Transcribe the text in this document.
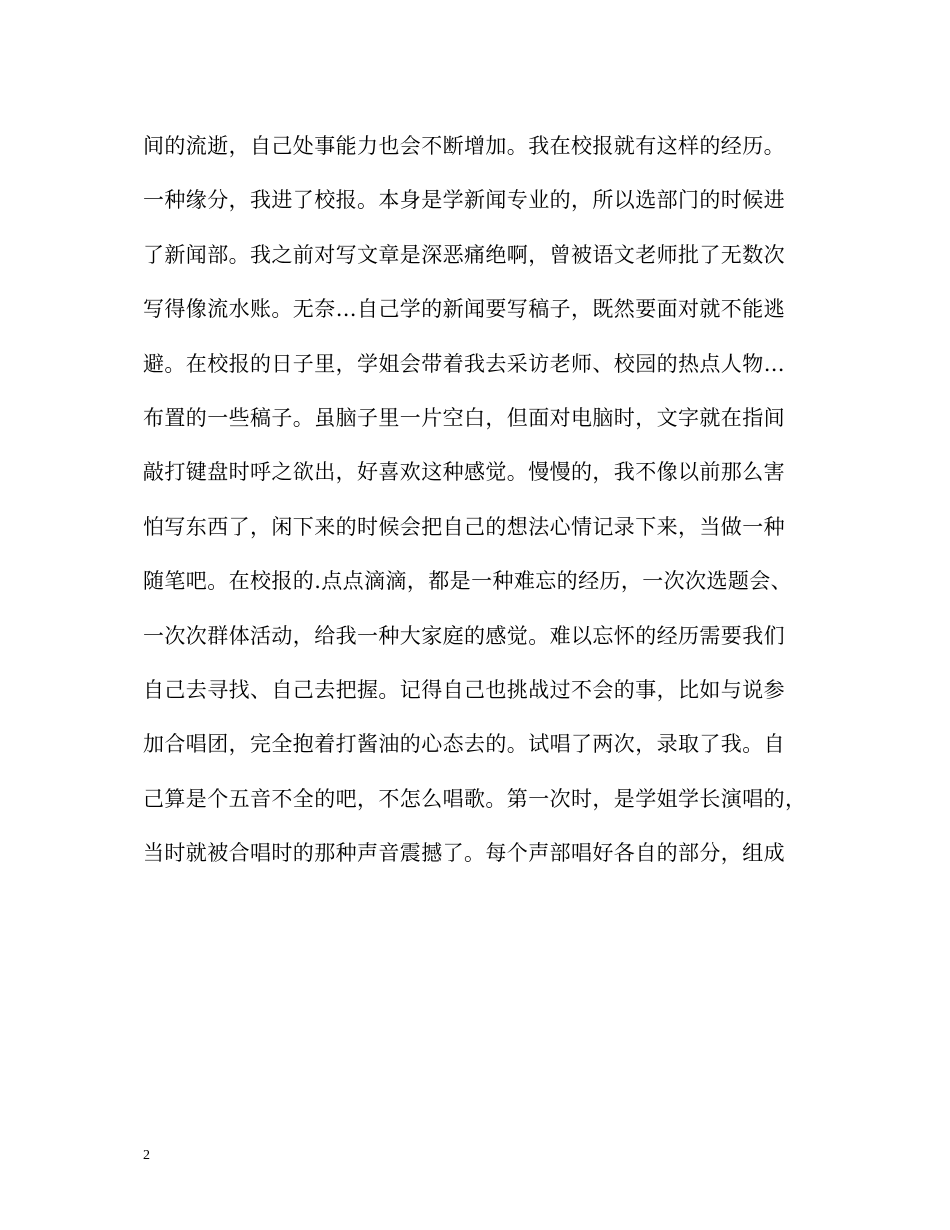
间的流逝，自己处事能力也会不断增加。我在校报就有这样的经历。
一种缘分，我进了校报。本身是学新闻专业的，所以选部门的时候进
了新闻部。我之前对写文章是深恶痛绝啊，曾被语文老师批了无数次
写得像流水账。无奈…自己学的新闻要写稿子，既然要面对就不能逃
避。在校报的日子里，学姐会带着我去采访老师、校园的热点人物…
布置的一些稿子。虽脑子里一片空白，但面对电脑时，文字就在指间
敲打键盘时呼之欲出，好喜欢这种感觉。慢慢的，我不像以前那么害
怕写东西了，闲下来的时候会把自己的想法心情记录下来，当做一种
随笔吧。在校报的.点点滴滴，都是一种难忘的经历，一次次选题会、
一次次群体活动，给我一种大家庭的感觉。难以忘怀的经历需要我们
自己去寻找、自己去把握。记得自己也挑战过不会的事，比如与说参
加合唱团，完全抱着打酱油的心态去的。试唱了两次，录取了我。自
己算是个五音不全的吧，不怎么唱歌。第一次时，是学姐学长演唱的，
当时就被合唱时的那种声音震撼了。每个声部唱好各自的部分，组成
2
